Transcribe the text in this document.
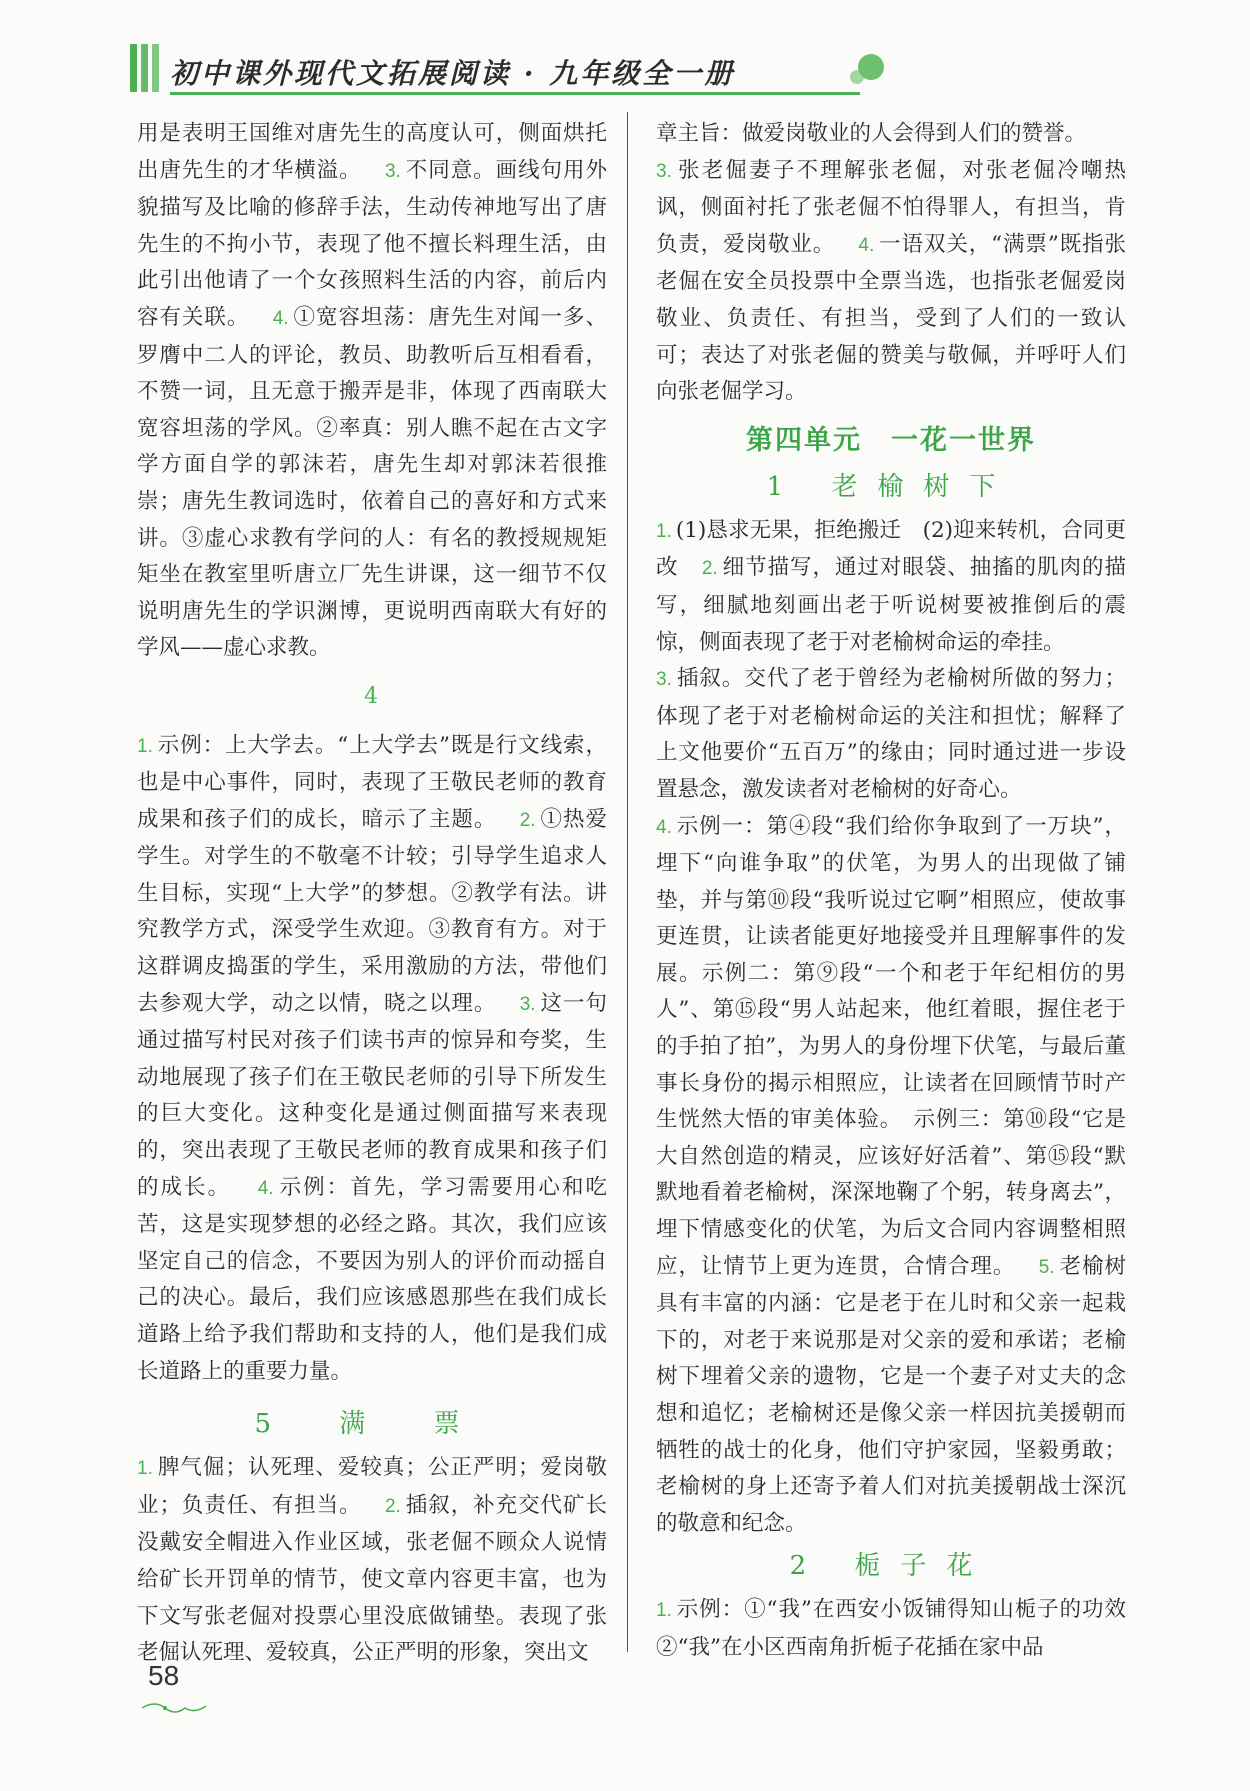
初中课外现代文拓展阅读 · 九年级全一册

用是表明王国维对唐先生的高度认可，侧面烘托出唐先生的才华横溢。 3. 不同意。画线句用外貌描写及比喻的修辞手法，生动传神地写出了唐先生的不拘小节，表现了他不擅长料理生活，由此引出他请了一个女孩照料生活的内容，前后内容有关联。 4. ①宽容坦荡：唐先生对闻一多、罗膺中二人的评论，教员、助教听后互相看看，不赞一词，且无意于搬弄是非，体现了西南联大宽容坦荡的学风。②率真：别人瞧不起在古文字学方面自学的郭沫若，唐先生却对郭沫若很推崇；唐先生教词选时，依着自己的喜好和方式来讲。③虚心求教有学问的人：有名的教授规规矩矩坐在教室里听唐立厂先生讲课，这一细节不仅说明唐先生的学识渊博，更说明西南联大有好的学风——虚心求教。

4

1. 示例：上大学去。“上大学去”既是行文线索，也是中心事件，同时，表现了王敬民老师的教育成果和孩子们的成长，暗示了主题。 2. ①热爱学生。对学生的不敬毫不计较；引导学生追求人生目标，实现“上大学”的梦想。②教学有法。讲究教学方式，深受学生欢迎。③教育有方。对于这群调皮捣蛋的学生，采用激励的方法，带他们去参观大学，动之以情，晓之以理。 3. 这一句通过描写村民对孩子们读书声的惊异和夸奖，生动地展现了孩子们在王敬民老师的引导下所发生的巨大变化。这种变化是通过侧面描写来表现的，突出表现了王敬民老师的教育成果和孩子们的成长。 4. 示例：首先，学习需要用心和吃苦，这是实现梦想的必经之路。其次，我们应该坚定自己的信念，不要因为别人的评价而动摇自己的决心。最后，我们应该感恩那些在我们成长道路上给予我们帮助和支持的人，他们是我们成长道路上的重要力量。

5 满 票

1. 脾气倔；认死理、爱较真；公正严明；爱岗敬业；负责任、有担当。 2. 插叙，补充交代矿长没戴安全帽进入作业区域，张老倔不顾众人说情给矿长开罚单的情节，使文章内容更丰富，也为下文写张老倔对投票心里没底做铺垫。表现了张老倔认死理、爱较真，公正严明的形象，突出文

章主旨：做爱岗敬业的人会得到人们的赞誉。

3. 张老倔妻子不理解张老倔，对张老倔冷嘲热讽，侧面衬托了张老倔不怕得罪人，有担当，肯负责，爱岗敬业。 4. 一语双关，“满票”既指张老倔在安全员投票中全票当选，也指张老倔爱岗敬业、负责任、有担当，受到了人们的一致认可；表达了对张老倔的赞美与敬佩，并呼吁人们向张老倔学习。

第四单元　一花一世界
1 老榆树下

1. (1)恳求无果，拒绝搬迁　(2)迎来转机，合同更改 2. 细节描写，通过对眼袋、抽搐的肌肉的描写，细腻地刻画出老于听说树要被推倒后的震惊，侧面表现了老于对老榆树命运的牵挂。

3. 插叙。交代了老于曾经为老榆树所做的努力；体现了老于对老榆树命运的关注和担忧；解释了上文他要价“五百万”的缘由；同时通过进一步设置悬念，激发读者对老榆树的好奇心。

4. 示例一：第④段“我们给你争取到了一万块”，埋下“向谁争取”的伏笔，为男人的出现做了铺垫，并与第⑩段“我听说过它啊”相照应，使故事更连贯，让读者能更好地接受并且理解事件的发展。示例二：第⑨段“一个和老于年纪相仿的男人”、第⑮段“男人站起来，他红着眼，握住老于的手拍了拍”，为男人的身份埋下伏笔，与最后董事长身份的揭示相照应，让读者在回顾情节时产生恍然大悟的审美体验。　示例三：第⑩段“它是大自然创造的精灵，应该好好活着”、第⑮段“默默地看着老榆树，深深地鞠了个躬，转身离去”，埋下情感变化的伏笔，为后文合同内容调整相照应，让情节上更为连贯，合情合理。 5. 老榆树具有丰富的内涵：它是老于在儿时和父亲一起栽下的，对老于来说那是对父亲的爱和承诺；老榆树下埋着父亲的遗物，它是一个妻子对丈夫的念想和追忆；老榆树还是像父亲一样因抗美援朝而牺牲的战士的化身，他们守护家园，坚毅勇敢；老榆树的身上还寄予着人们对抗美援朝战士深沉的敬意和纪念。

2 栀子花

1. 示例：①“我”在西安小饭铺得知山栀子的功效　②“我”在小区西南角折栀子花插在家中品

58
